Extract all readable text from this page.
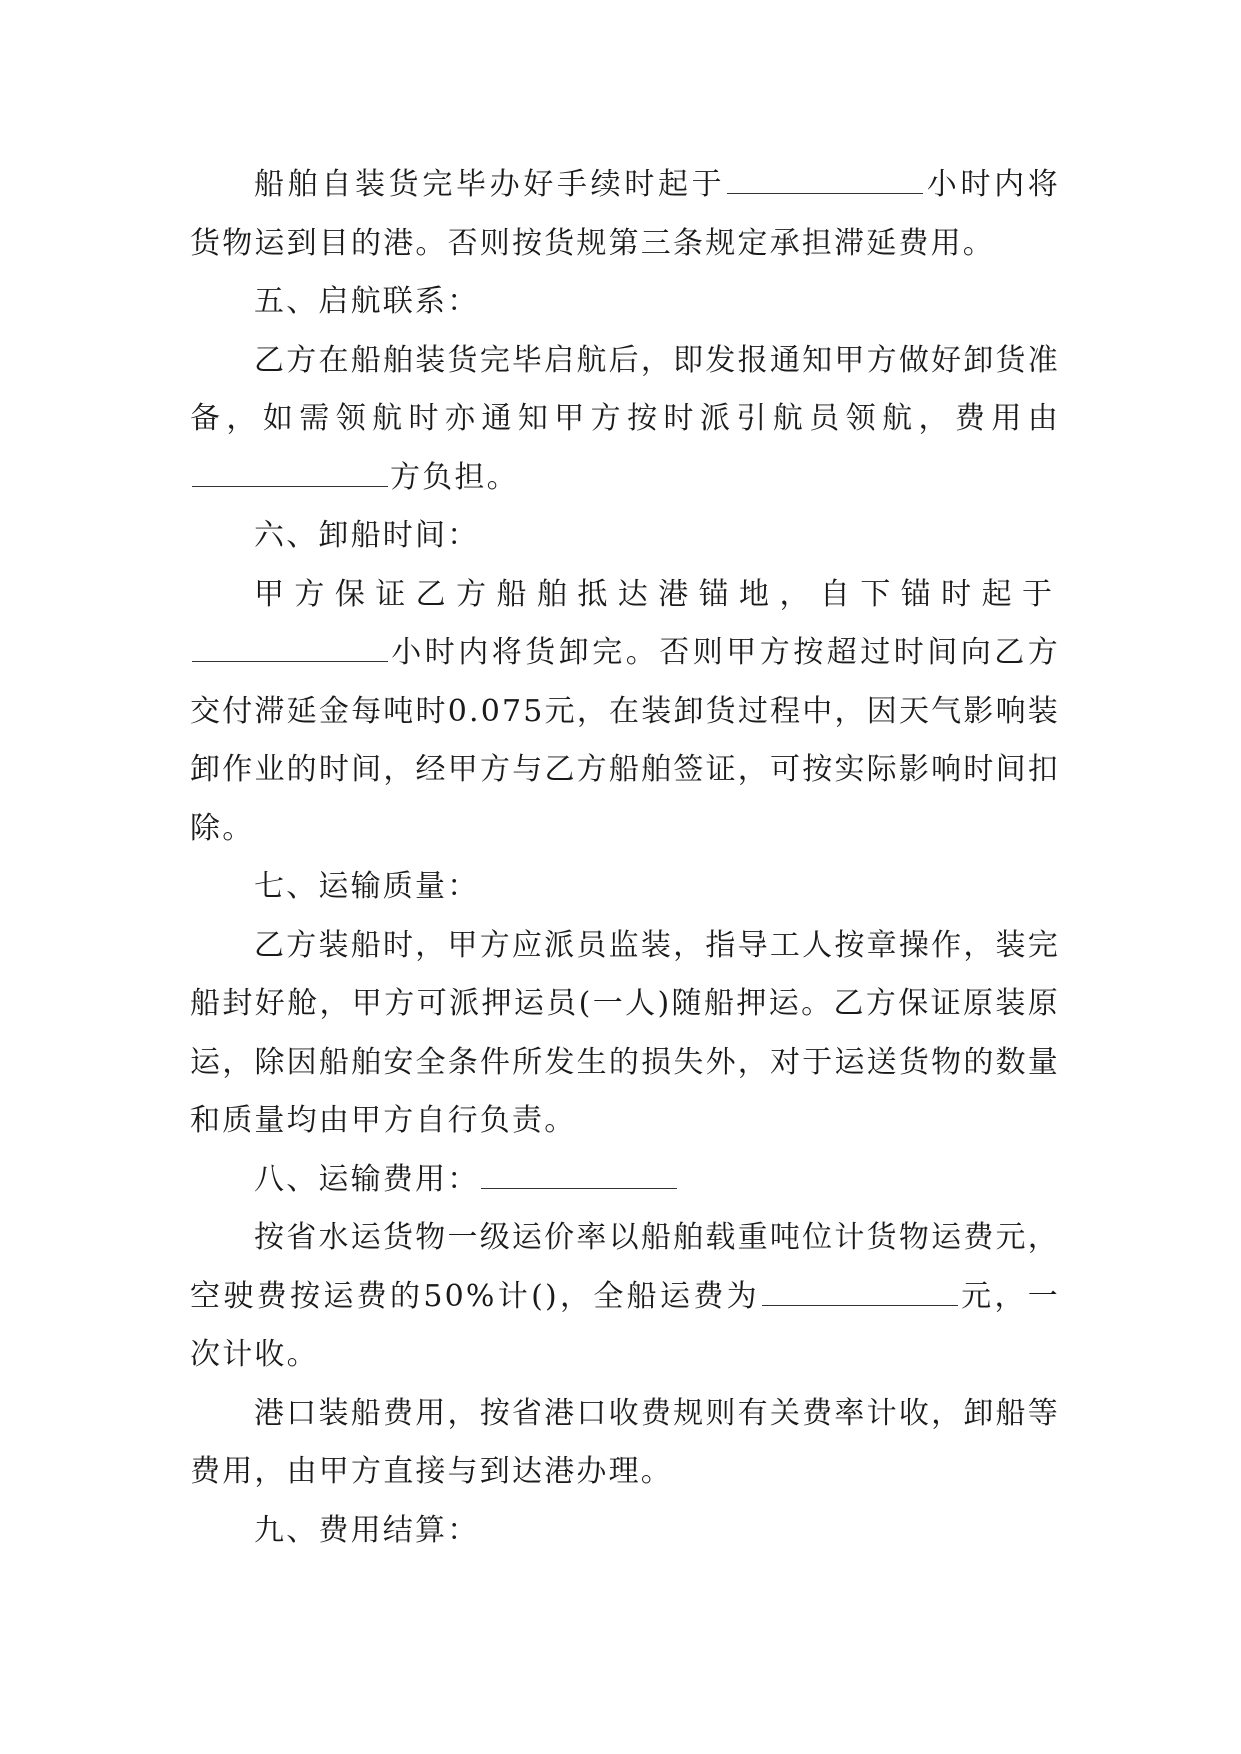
船舶自装货完毕办好手续时起于	小时内将货物运到目的港。否则按货规第三条规定承担滞延费用。

五、启航联系：

乙方在船舶装货完毕启航后，即发报通知甲方做好卸货准备，如需领航时亦通知甲方按时派引航员领航，费用由方负担。

六、卸船时间：

甲方保证乙方船舶抵达港锚地，自下锚时起于小时内将货卸完。否则甲方按超过时间向乙方交付滞延金每吨时0.075元，在装卸货过程中，因天气影响装卸作业的时间，经甲方与乙方船舶签证，可按实际影响时间扣除。

七、运输质量：

乙方装船时，甲方应派员监装，指导工人按章操作，装完船封好舱，甲方可派押运员(一人)随船押运。乙方保证原装原运，除因船舶安全条件所发生的损失外，对于运送货物的数量和质量均由甲方自行负责。

八、运输费用：

按省水运货物一级运价率以船舶载重吨位计货物运费元，空驶费按运费的50%计()，全船运费为	元，一次计收。

港口装船费用，按省港口收费规则有关费率计收，卸船等费用，由甲方直接与到达港办理。

九、费用结算：
